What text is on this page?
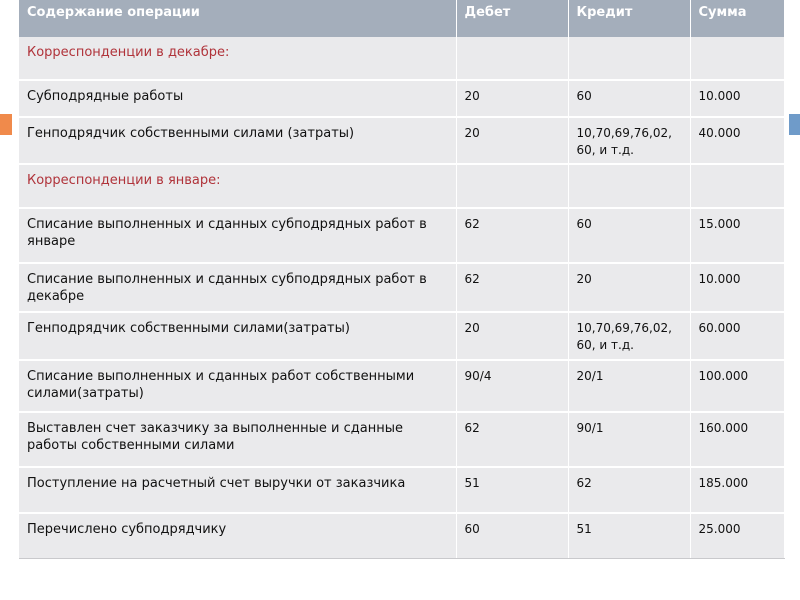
Содержание операции	Дебет	Кредит	Сумма
Корреспонденции в декабре:			
Субподрядные работы	20	60	10.000
Генподрядчик собственными силами (затраты)	20	10,70,69,76,02, 60, и т.д.	40.000
Корреспонденции в январе:			
Списание выполненных и сданных субподрядных работ в январе	62	60	15.000
Списание выполненных и сданных субподрядных работ в декабре	62	20	10.000
Генподрядчик собственными силами(затраты)	20	10,70,69,76,02, 60, и т.д.	60.000
Списание выполненных и сданных работ собственными силами(затраты)	90/4	20/1	100.000
Выставлен счет заказчику за выполненные и сданные работы собственными силами	62	90/1	160.000
Поступление на расчетный счет выручки от заказчика	51	62	185.000
Перечислено субподрядчику	60	51	25.000
